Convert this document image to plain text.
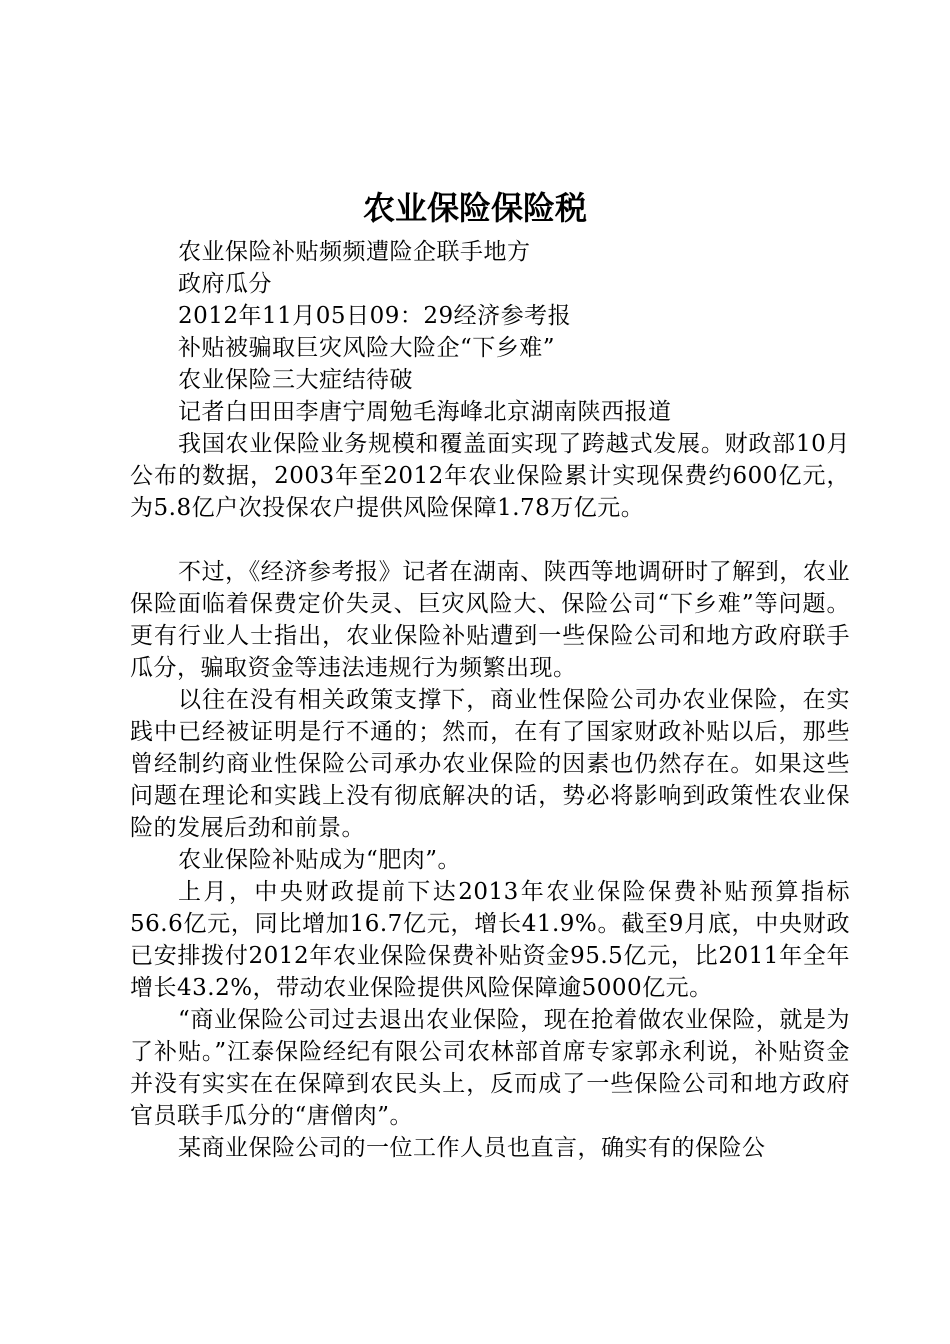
农业保险保险税

农业保险补贴频频遭险企联手地方

政府瓜分

2012年11月05日09：29经济参考报

补贴被骗取巨灾风险大险企“下乡难”

农业保险三大症结待破

记者白田田李唐宁周勉毛海峰北京湖南陕西报道

我国农业保险业务规模和覆盖面实现了跨越式发展。财政部10月公布的数据，2003年至2012年农业保险累计实现保费约600亿元，为5.8亿户次投保农户提供风险保障1.78万亿元。

不过，《经济参考报》记者在湖南、陕西等地调研时了解到，农业保险面临着保费定价失灵、巨灾风险大、保险公司“下乡难”等问题。更有行业人士指出，农业保险补贴遭到一些保险公司和地方政府联手瓜分，骗取资金等违法违规行为频繁出现。

以往在没有相关政策支撑下，商业性保险公司办农业保险，在实践中已经被证明是行不通的；然而，在有了国家财政补贴以后，那些曾经制约商业性保险公司承办农业保险的因素也仍然存在。如果这些问题在理论和实践上没有彻底解决的话，势必将影响到政策性农业保险的发展后劲和前景。

农业保险补贴成为“肥肉”。

上月，中央财政提前下达2013年农业保险保费补贴预算指标56.6亿元，同比增加16.7亿元，增长41.9%。截至9月底，中央财政已安排拨付2012年农业保险保费补贴资金95.5亿元，比2011年全年增长43.2%，带动农业保险提供风险保障逾5000亿元。

“商业保险公司过去退出农业保险，现在抢着做农业保险，就是为了补贴。”江泰保险经纪有限公司农林部首席专家郭永利说，补贴资金并没有实实在在保障到农民头上，反而成了一些保险公司和地方政府官员联手瓜分的“唐僧肉”。

某商业保险公司的一位工作人员也直言，确实有的保险公
